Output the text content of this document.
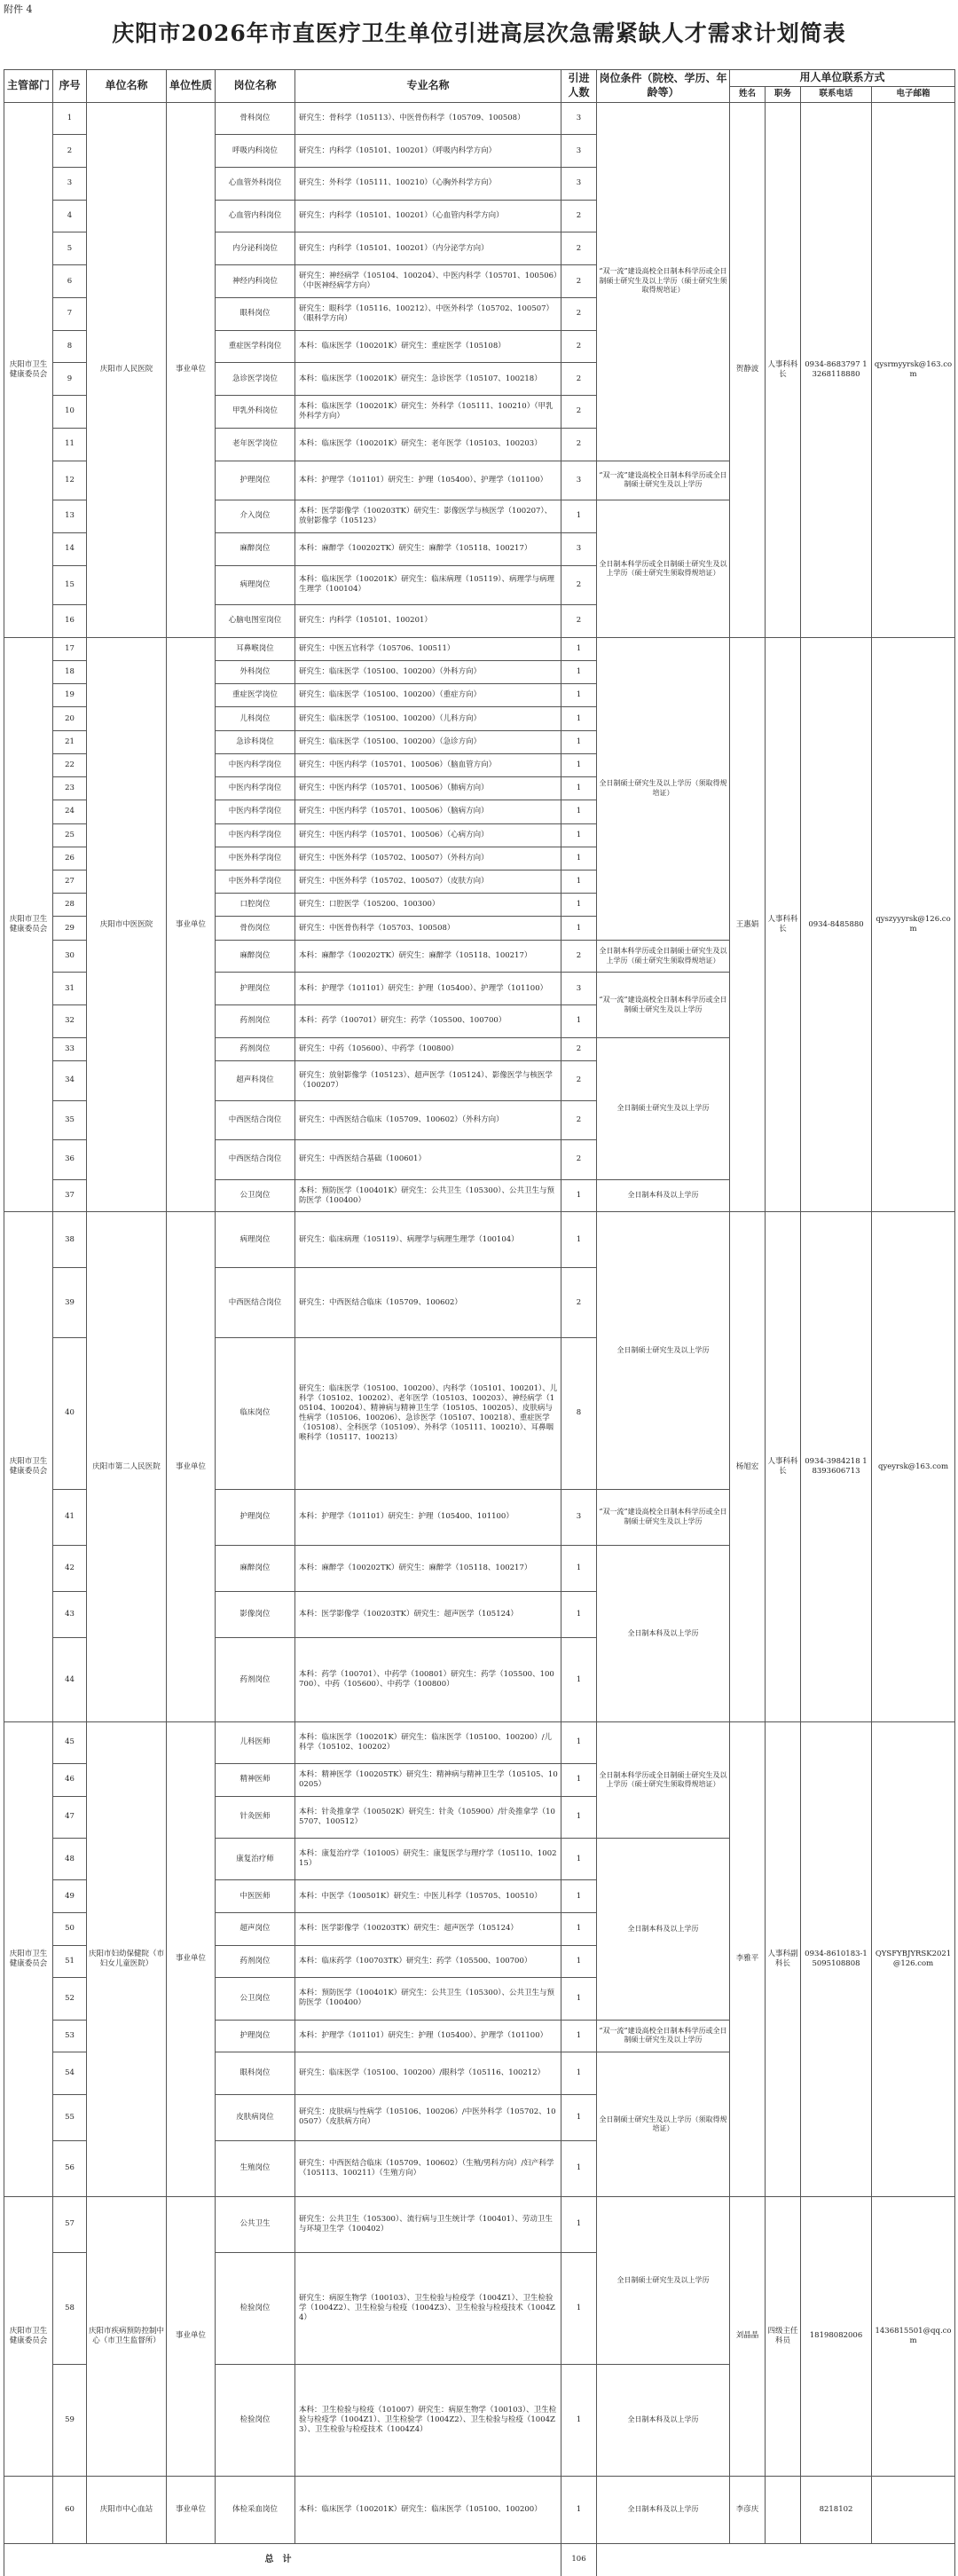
附件 4
庆阳市2026年市直医疗卫生单位引进高层次急需紧缺人才需求计划简表
主管部门	序号	单位名称	单位性质	岗位名称	专业名称	引进人数	岗位条件（院校、学历、年龄等）	用人单位联系方式			
								姓名	职务	联系电话	电子邮箱
庆阳市卫生健康委员会	1	庆阳市人民医院	事业单位	骨科岗位	研究生：骨科学（105113）、中医骨伤科学（105709、100508）	3	“双一流”建设高校全日制本科学历或全日制硕士研究生及以上学历（硕士研究生须取得规培证）	贺静波	人事科科长	0934-8683797 13268118880	qysrmyyrsk@163.com
	2			呼吸内科岗位	研究生：内科学（105101、100201）（呼吸内科学方向）	3					
	3			心血管外科岗位	研究生：外科学（105111、100210）（心胸外科学方向）	3					
	4			心血管内科岗位	研究生：内科学（105101、100201）（心血管内科学方向）	2					
	5			内分泌科岗位	研究生：内科学（105101、100201）（内分泌学方向）	2					
	6			神经内科岗位	研究生：神经病学（105104、100204）、中医内科学（105701、100506）（中医神经病学方向）	2					
	7			眼科岗位	研究生：眼科学（105116、100212）、中医外科学（105702、100507）（眼科学方向）	2					
	8			重症医学科岗位	本科：临床医学（100201K）研究生：重症医学（105108）	2					
	9			急诊医学岗位	本科：临床医学（100201K）研究生：急诊医学（105107、100218）	2					
	10			甲乳外科岗位	本科：临床医学（100201K）研究生：外科学（105111、100210）（甲乳外科学方向）	2					
	11			老年医学岗位	本科：临床医学（100201K）研究生：老年医学（105103、100203）	2					
	12			护理岗位	本科：护理学（101101）研究生：护理（105400）、护理学（101100）	3	“双一流”建设高校全日制本科学历或全日制硕士研究生及以上学历				
	13			介入岗位	本科：医学影像学（100203TK）研究生：影像医学与核医学（100207）、放射影像学（105123）	1	全日制本科学历或全日制硕士研究生及以上学历（硕士研究生须取得规培证）				
	14			麻醉岗位	本科：麻醉学（100202TK）研究生：麻醉学（105118、100217）	3					
	15			病理岗位	本科：临床医学（100201K）研究生：临床病理（105119）、病理学与病理生理学（100104）	2					
	16			心脑电图室岗位	研究生：内科学（105101、100201）	2					
庆阳市卫生健康委员会	17	庆阳市中医医院	事业单位	耳鼻喉岗位	研究生：中医五官科学（105706、100511）	1	全日制硕士研究生及以上学历（须取得规培证）	王惠娟	人事科科长	0934-8485880	qyszyyyrsk@126.com
	18			外科岗位	研究生：临床医学（105100、100200）（外科方向）	1					
	19			重症医学岗位	研究生：临床医学（105100、100200）（重症方向）	1					
	20			儿科岗位	研究生：临床医学（105100、100200）（儿科方向）	1					
	21			急诊科岗位	研究生：临床医学（105100、100200）（急诊方向）	1					
	22			中医内科学岗位	研究生：中医内科学（105701、100506）（脑血管方向）	1					
	23			中医内科学岗位	研究生：中医内科学（105701、100506）（肺病方向）	1					
	24			中医内科学岗位	研究生：中医内科学（105701、100506）（脑病方向）	1					
	25			中医内科学岗位	研究生：中医内科学（105701、100506）（心病方向）	1					
	26			中医外科学岗位	研究生：中医外科学（105702、100507）（外科方向）	1					
	27			中医外科学岗位	研究生：中医外科学（105702、100507）（皮肤方向）	1					
	28			口腔岗位	研究生：口腔医学（105200、100300）	1					
	29			骨伤岗位	研究生：中医骨伤科学（105703、100508）	1					
	30			麻醉岗位	本科：麻醉学（100202TK）研究生：麻醉学（105118、100217）	2	全日制本科学历或全日制硕士研究生及以上学历（硕士研究生须取得规培证）				
	31			护理岗位	本科：护理学（101101）研究生：护理（105400）、护理学（101100）	3	“双一流”建设高校全日制本科学历或全日制硕士研究生及以上学历				
	32			药剂岗位	本科：药学（100701）研究生：药学（105500、100700）	1					
	33			药剂岗位	研究生：中药（105600）、中药学（100800）	2	全日制硕士研究生及以上学历				
	34			超声科岗位	研究生：放射影像学（105123）、超声医学（105124）、影像医学与核医学（100207）	2					
	35			中西医结合岗位	研究生：中西医结合临床（105709、100602）（外科方向）	2					
	36			中西医结合岗位	研究生：中西医结合基础（100601）	2					
	37			公卫岗位	本科：预防医学（100401K）研究生：公共卫生（105300）、公共卫生与预防医学（100400）	1	全日制本科及以上学历				
庆阳市卫生健康委员会	38	庆阳市第二人民医院	事业单位	病理岗位	研究生：临床病理（105119）、病理学与病理生理学（100104）	1	全日制硕士研究生及以上学历	杨旭宏	人事科科长	0934-3984218 18393606713	qyeyrsk@163.com
	39			中西医结合岗位	研究生：中西医结合临床（105709、100602）	2					
	40			临床岗位	研究生：临床医学（105100、100200）、内科学（105101、100201）、儿科学（105102、100202）、老年医学（105103、100203）、神经病学（105104、100204）、精神病与精神卫生学（105105、100205）、皮肤病与性病学（105106、100206）、急诊医学（105107、100218）、重症医学（105108）、全科医学（105109）、外科学（105111、100210）、耳鼻咽喉科学（105117、100213）	8					
	41			护理岗位	本科：护理学（101101）研究生：护理（105400、101100）	3	“双一流”建设高校全日制本科学历或全日制硕士研究生及以上学历				
	42			麻醉岗位	本科：麻醉学（100202TK）研究生：麻醉学（105118、100217）	1	全日制本科及以上学历				
	43			影像岗位	本科：医学影像学（100203TK）研究生：超声医学（105124）	1					
	44			药剂岗位	本科：药学（100701）、中药学（100801）研究生：药学（105500、100700）、中药（105600）、中药学（100800）	1					
庆阳市卫生健康委员会	45	庆阳市妇幼保健院（市妇女儿童医院）	事业单位	儿科医师	本科：临床医学（100201K）研究生：临床医学（105100、100200）/儿科学（105102、100202）	1	全日制本科学历或全日制硕士研究生及以上学历（硕士研究生须取得规培证）	李雅平	人事科副科长	0934-8610183-15095108808	QYSFYBJYRSK2021@126.com
	46			精神医师	本科：精神医学（100205TK）研究生：精神病与精神卫生学（105105、100205）	1					
	47			针灸医师	本科：针灸推拿学（100502K）研究生：针灸（105900）/针灸推拿学（105707、100512）	1					
	48			康复治疗师	本科：康复治疗学（101005）研究生：康复医学与理疗学（105110、100215）	1	全日制本科及以上学历				
	49			中医医师	本科：中医学（100501K）研究生：中医儿科学（105705、100510）	1					
	50			超声岗位	本科：医学影像学（100203TK）研究生：超声医学（105124）	1					
	51			药剂岗位	本科：临床药学（100703TK）研究生：药学（105500、100700）	1					
	52			公卫岗位	本科：预防医学（100401K）研究生：公共卫生（105300）、公共卫生与预防医学（100400）	1					
	53			护理岗位	本科：护理学（101101）研究生：护理（105400）、护理学（101100）	1	“双一流”建设高校全日制本科学历或全日制硕士研究生及以上学历				
	54			眼科岗位	研究生：临床医学（105100、100200）/眼科学（105116、100212）	1	全日制硕士研究生及以上学历（须取得规培证）				
	55			皮肤病岗位	研究生：皮肤病与性病学（105106、100206）/中医外科学（105702、100507）（皮肤病方向）	1					
	56			生殖岗位	研究生：中西医结合临床（105709、100602）（生殖/男科方向）/妇产科学（105113、100211）（生殖方向）	1					
庆阳市卫生健康委员会	57	庆阳市疾病预防控制中心（市卫生监督所）	事业单位	公共卫生	研究生：公共卫生（105300）、流行病与卫生统计学（100401）、劳动卫生与环境卫生学（100402）	1	全日制硕士研究生及以上学历	刘晶晶	四级主任科员	18198082006	1436815501@qq.com
	58			检验岗位	研究生：病原生物学（100103）、卫生检验与检疫学（1004Z1）、卫生检验学（1004Z2）、卫生检验与检疫（1004Z3）、卫生检验与检疫技术（1004Z4）	1					
	59			检验岗位	本科：卫生检验与检疫（101007）研究生：病原生物学（100103）、卫生检验与检疫学（1004Z1）、卫生检验学（1004Z2）、卫生检验与检疫（1004Z3）、卫生检验与检疫技术（1004Z4）	1	全日制本科及以上学历				
	60	庆阳市中心血站	事业单位	体检采血岗位	本科：临床医学（100201K）研究生：临床医学（105100、100200）	1	全日制本科及以上学历	李彦庆		8218102	
总计						106					
